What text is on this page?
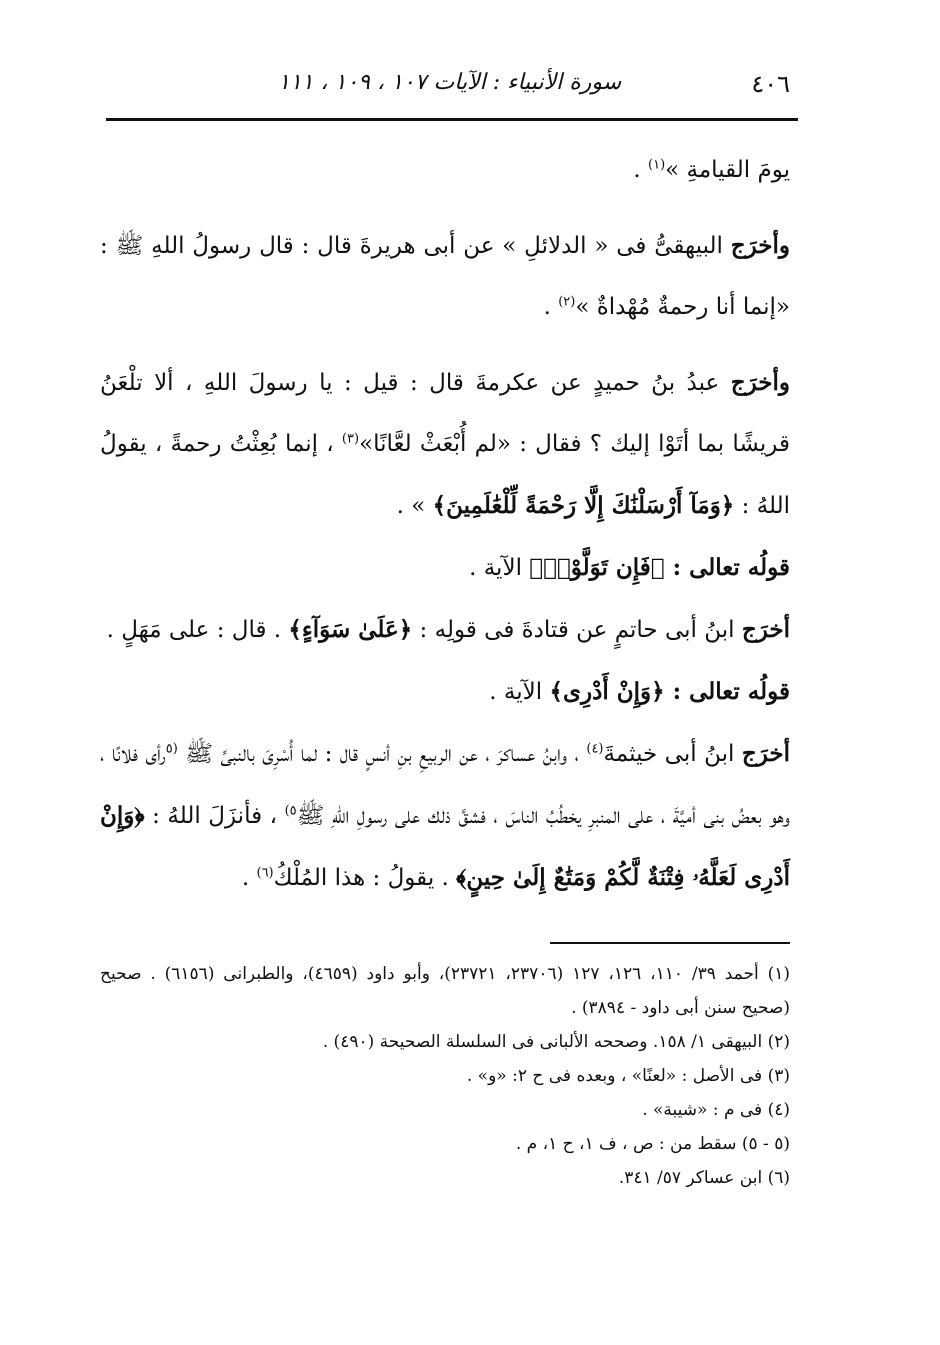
٤٠٦
سورة الأنبياء : الآيات ١٠٧ ، ١٠٩ ، ١١١

يومَ القيامةِ »$^{(١)}$ .

وأخرَج البيهقىُّ فى « الدلائلِ » عن أبى هريرةَ قال : قال رسولُ اللهِ ﷺ : «إنما أنا رحمةٌ مُهْداةٌ »$^{(٢)}$ .

وأخرَج عبدُ بنُ حميدٍ عن عكرمةَ قال : قيل : يا رسولَ اللهِ ، ألا تلْعَنُ قريشًا بما أتَوْا إليك ؟ فقال : «لم أُبْعَثْ لعَّانًا»$^{(٣)}$ ، إنما بُعِثْتُ رحمةً ، يقولُ اللهُ : ﴿وَمَآ أَرْسَلْنَٰكَ إِلَّا رَحْمَةً لِّلْعَٰلَمِينَ﴾ » .

قولُه تعالى : ﴿فَإِن تَوَلَّوْا۟﴾ الآية .

أخرَج ابنُ أبى حاتمٍ عن قتادةَ فى قولِه : ﴿عَلَىٰ سَوَآءٍ﴾ . قال : على مَهَلٍ .

قولُه تعالى : ﴿وَإِنْ أَدْرِى﴾ الآية .

أخرَج ابنُ أبى خيثمةَ$^{(٤)}$ ، وابنُ عساكرَ ، عن الربيعِ بنِ أنسٍ قال : لما أُسْرِىَ بالنبىِّ ﷺ $^{(٥}$رأى فلانًا ، وهو بعضُ بنى أميَّةَ ، على المنبرِ يخطُبُ الناسَ ، فشقَّ ذلك على رسولِ اللهِ ﷺ$^{٥)}$ ، فأنزَلَ اللهُ : ﴿وَإِنْ أَدْرِى لَعَلَّهُۥ فِتْنَةٌ لَّكُمْ وَمَتَٰعٌ إِلَىٰ حِينٍ﴾ . يقولُ : هذا المُلْكُ$^{(٦)}$ .

(١) أحمد ٣٩/ ١١٠، ١٢٦، ١٢٧ (٢٣٧٠٦، ٢٣٧٢١)، وأبو داود (٤٦٥٩)، والطبرانى (٦١٥٦) . صحيح (صحيح سنن أبى داود - ٣٨٩٤) .

(٢) البيهقى ١/ ١٥٨. وصححه الألبانى فى السلسلة الصحيحة (٤٩٠) .

(٣) فى الأصل : «لعنًا» ، وبعده فى ح ٢: «و» .

(٤) فى م : «شيبة» .

(٥ - ٥) سقط من : ص ، ف ١، ح ١، م .

(٦) ابن عساكر ٥٧/ ٣٤١.
